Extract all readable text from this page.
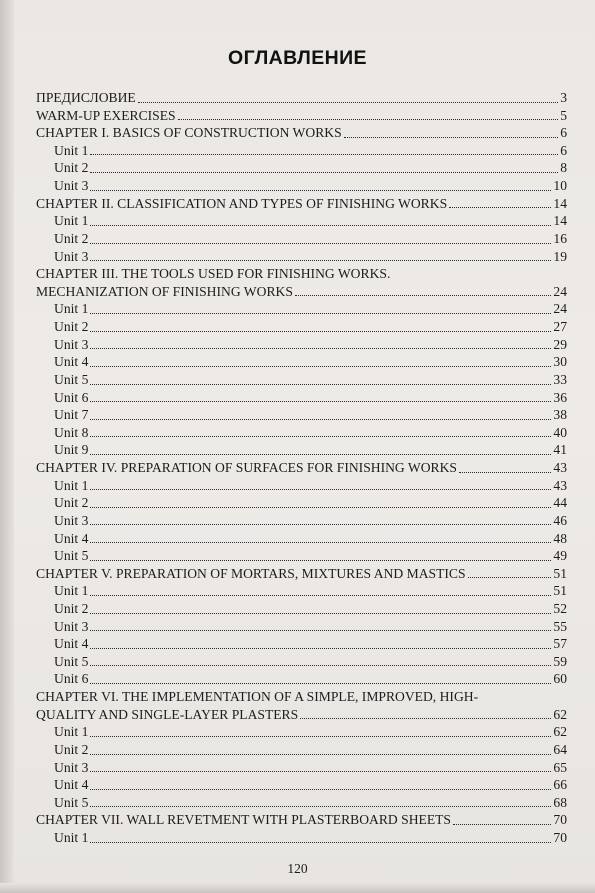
ОГЛАВЛЕНИЕ
ПРЕДИСЛОВИЕ	3
WARM-UP EXERCISES	5
CHAPTER I. BASICS OF CONSTRUCTION WORKS	6
Unit 1	6
Unit 2	8
Unit 3	10
CHAPTER II. CLASSIFICATION AND TYPES OF FINISHING WORKS	14
Unit 1	14
Unit 2	16
Unit 3	19
CHAPTER III. THE TOOLS USED FOR FINISHING WORKS.
MECHANIZATION OF FINISHING WORKS	24
Unit 1	24
Unit 2	27
Unit 3	29
Unit 4	30
Unit 5	33
Unit 6	36
Unit 7	38
Unit 8	40
Unit 9	41
CHAPTER IV. PREPARATION OF SURFACES FOR FINISHING WORKS	43
Unit 1	43
Unit 2	44
Unit 3	46
Unit 4	48
Unit 5	49
CHAPTER V. PREPARATION OF MORTARS, MIXTURES AND MASTICS	51
Unit 1	51
Unit 2	52
Unit 3	55
Unit 4	57
Unit 5	59
Unit 6	60
CHAPTER VI. THE IMPLEMENTATION OF A SIMPLE, IMPROVED, HIGH-
QUALITY AND SINGLE-LAYER PLASTERS	62
Unit 1	62
Unit 2	64
Unit 3	65
Unit 4	66
Unit 5	68
CHAPTER VII. WALL REVETMENT WITH PLASTERBOARD SHEETS	70
Unit 1	70
120
